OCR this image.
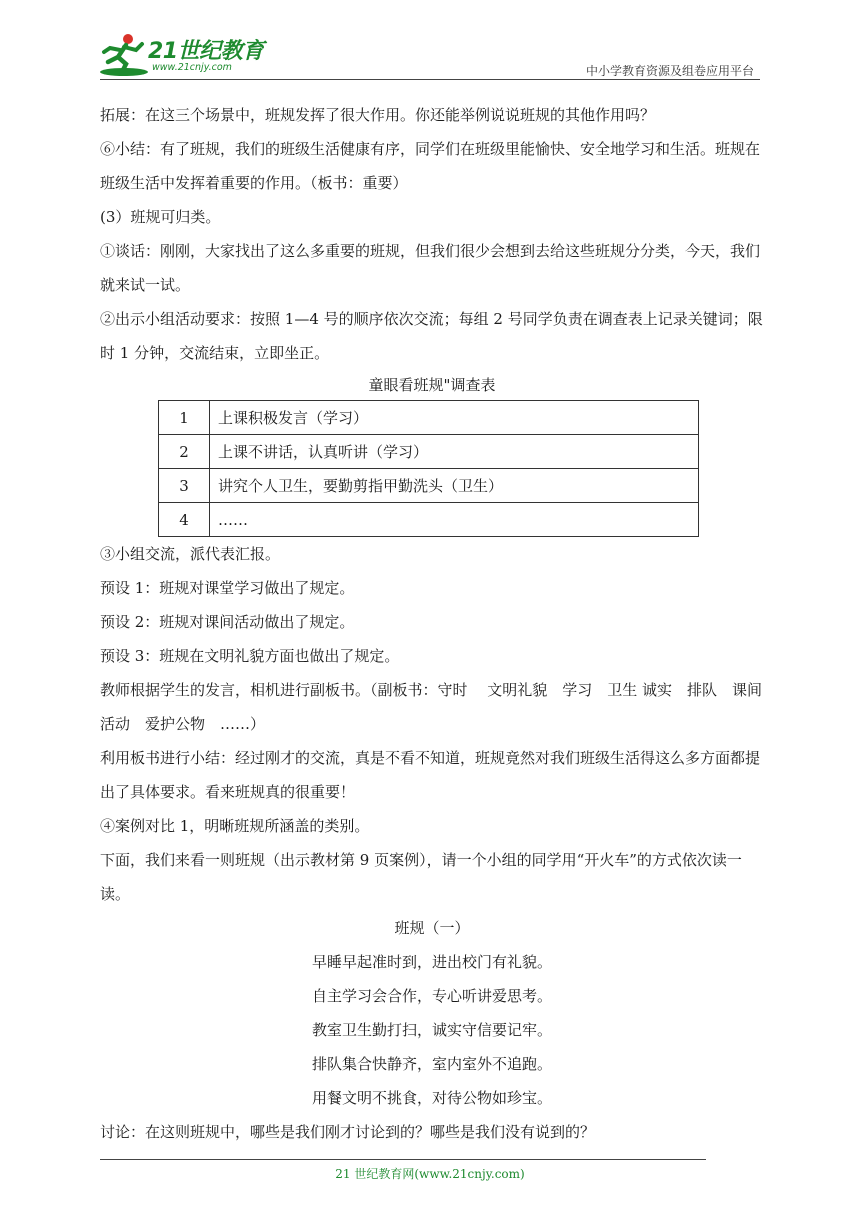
21世纪教育
www.21cnjy.com	中小学教育资源及组卷应用平台

拓展：在这三个场景中，班规发挥了很大作用。你还能举例说说班规的其他作用吗？

⑥小结：有了班规，我们的班级生活健康有序，同学们在班级里能愉快、安全地学习和生活。班规在班级生活中发挥着重要的作用。（板书：重要）

(3）班规可归类。

①谈话：刚刚，大家找出了这么多重要的班规，但我们很少会想到去给这些班规分分类，今天，我们就来试一试。

②出示小组活动要求：按照 1—4 号的顺序依次交流；每组 2 号同学负责在调查表上记录关键词；限时 1 分钟，交流结束，立即坐正。

童眼看班规"调查表

1	上课积极发言（学习）
2	上课不讲话，认真听讲（学习）
3	讲究个人卫生，要勤剪指甲勤洗头（卫生）
4	……

③小组交流，派代表汇报。

预设 1：班规对课堂学习做出了规定。

预设 2：班规对课间活动做出了规定。

预设 3：班规在文明礼貌方面也做出了规定。

教师根据学生的发言，相机进行副板书。（副板书：守时　 文明礼貌　学习　卫生 诚实　排队　课间活动　爱护公物　……）

利用板书进行小结：经过刚才的交流，真是不看不知道，班规竟然对我们班级生活得这么多方面都提出了具体要求。看来班规真的很重要！

④案例对比 1，明晰班规所涵盖的类别。

下面，我们来看一则班规（出示教材第 9 页案例），请一个小组的同学用“开火车”的方式依次读一读。

班规（一）

早睡早起准时到，进出校门有礼貌。

自主学习会合作，专心听讲爱思考。

教室卫生勤打扫，诚实守信要记牢。

排队集合快静齐，室内室外不追跑。

用餐文明不挑食，对待公物如珍宝。

讨论：在这则班规中，哪些是我们刚才讨论到的？哪些是我们没有说到的？

21 世纪教育网(www.21cnjy.com)
